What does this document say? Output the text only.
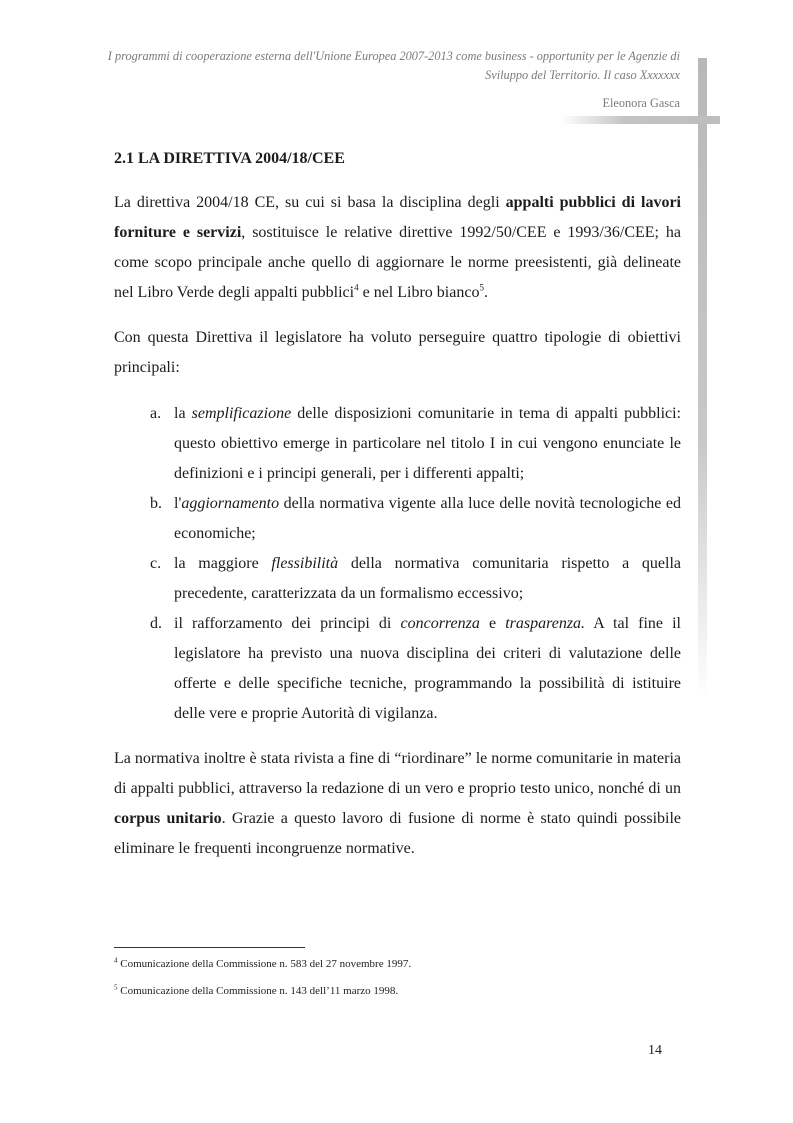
I programmi di cooperazione esterna dell'Unione Europea 2007-2013 come business - opportunity per le Agenzie di
Sviluppo del Territorio. Il caso Xxxxxxx
Eleonora Gasca
2.1 LA DIRETTIVA 2004/18/CEE

La direttiva 2004/18 CE, su cui si basa la disciplina degli appalti pubblici di lavori forniture e servizi, sostituisce le relative direttive 1992/50/CEE e 1993/36/CEE; ha come scopo principale anche quello di aggiornare le norme preesistenti, già delineate nel Libro Verde degli appalti pubblici$^4$ e nel Libro bianco$^5$.

Con questa Direttiva il legislatore ha voluto perseguire quattro tipologie di obiettivi principali:

a. la semplificazione delle disposizioni comunitarie in tema di appalti pubblici: questo obiettivo emerge in particolare nel titolo I in cui vengono enunciate le definizioni e i principi generali, per i differenti appalti;
b. l'aggiornamento della normativa vigente alla luce delle novità tecnologiche ed economiche;
c. la maggiore flessibilità della normativa comunitaria rispetto a quella precedente, caratterizzata da un formalismo eccessivo;
d. il rafforzamento dei principi di concorrenza e trasparenza. A tal fine il legislatore ha previsto una nuova disciplina dei criteri di valutazione delle offerte e delle specifiche tecniche, programmando la possibilità di istituire delle vere e proprie Autorità di vigilanza.

La normativa inoltre è stata rivista a fine di “riordinare” le norme comunitarie in materia di appalti pubblici, attraverso la redazione di un vero e proprio testo unico, nonché di un corpus unitario. Grazie a questo lavoro di fusione di norme è stato quindi possibile eliminare le frequenti incongruenze normative.

$^4$ Comunicazione della Commissione n. 583 del 27 novembre 1997.
$^5$ Comunicazione della Commissione n. 143 dell’11 marzo 1998.
14
